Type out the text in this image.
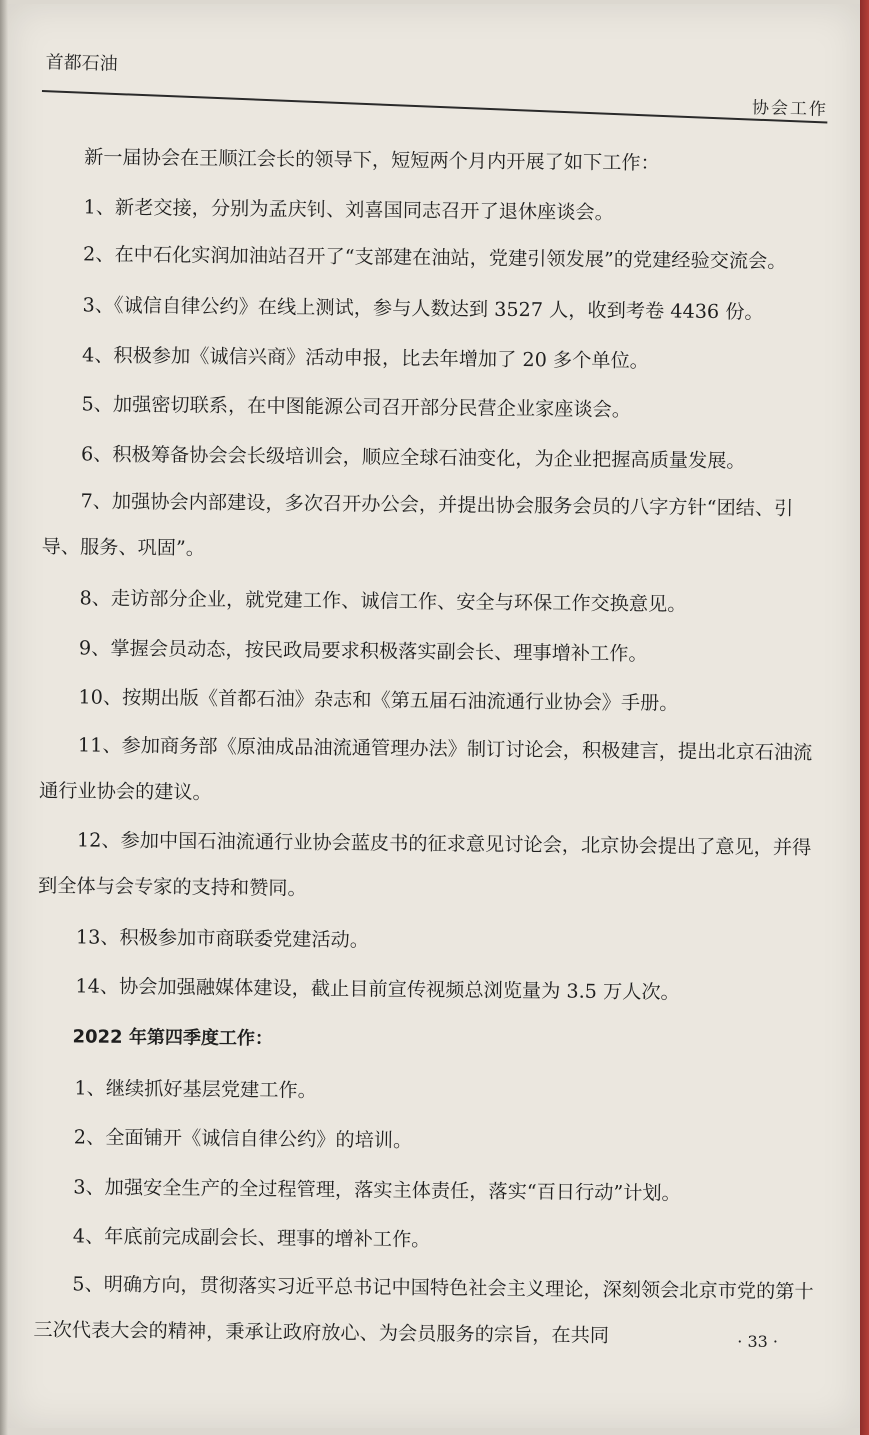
首都石油
协会工作

新一届协会在王顺江会长的领导下，短短两个月内开展了如下工作：

1、新老交接，分别为孟庆钊、刘喜国同志召开了退休座谈会。

2、在中石化实润加油站召开了“支部建在油站，党建引领发展”的党建经验交流会。

3、《诚信自律公约》在线上测试，参与人数达到 3527 人，收到考卷 4436 份。

4、积极参加《诚信兴商》活动申报，比去年增加了 20 多个单位。

5、加强密切联系，在中图能源公司召开部分民营企业家座谈会。

6、积极筹备协会会长级培训会，顺应全球石油变化，为企业把握高质量发展。

7、加强协会内部建设，多次召开办公会，并提出协会服务会员的八字方针“团结、引导、服务、巩固”。

8、走访部分企业，就党建工作、诚信工作、安全与环保工作交换意见。

9、掌握会员动态，按民政局要求积极落实副会长、理事增补工作。

10、按期出版《首都石油》杂志和《第五届石油流通行业协会》手册。

11、参加商务部《原油成品油流通管理办法》制订讨论会，积极建言，提出北京石油流通行业协会的建议。

12、参加中国石油流通行业协会蓝皮书的征求意见讨论会，北京协会提出了意见，并得到全体与会专家的支持和赞同。

13、积极参加市商联委党建活动。

14、协会加强融媒体建设，截止目前宣传视频总浏览量为 3.5 万人次。

2022 年第四季度工作：

1、继续抓好基层党建工作。

2、全面铺开《诚信自律公约》的培训。

3、加强安全生产的全过程管理，落实主体责任，落实“百日行动”计划。

4、年底前完成副会长、理事的增补工作。

5、明确方向，贯彻落实习近平总书记中国特色社会主义理论，深刻领会北京市党的第十三次代表大会的精神，秉承让政府放心、为会员服务的宗旨，在共同	· 33 ·
